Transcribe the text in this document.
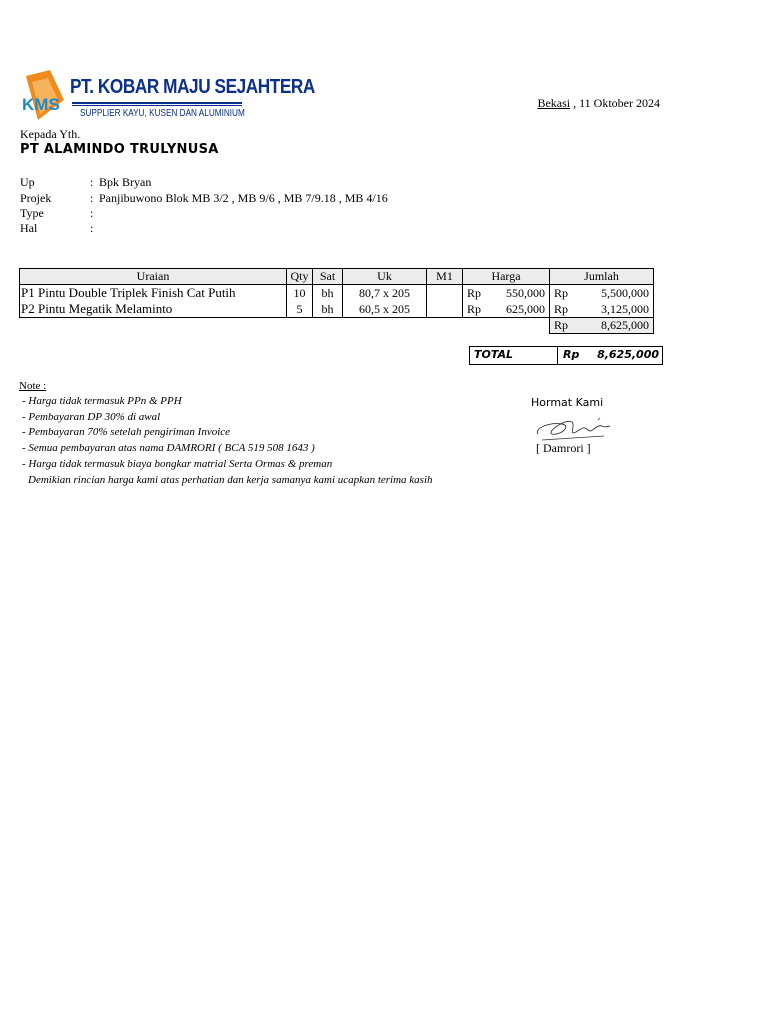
KMS
PT. KOBAR MAJU SEJAHTERA
SUPPLIER KAYU, KUSEN DAN ALUMINIUM
Bekasi , 11 Oktober 2024
Kepada Yth.
PT ALAMINDO TRULYNUSA
Up	: Bpk Bryan
Projek	: Panjibuwono Blok MB 3/2 , MB 9/6 , MB 7/9.18 , MB 4/16
Type	:
Hal	:
Uraian	Qty	Sat	Uk	M1	Harga	Jumlah
P1 Pintu Double Triplek Finish Cat Putih	10	bh	80,7 x 205		Rp 550,000	Rp 5,500,000

P2 Pintu Megatik Melaminto	5	bh	60,5 x 205		Rp 625,000	Rp 3,125,000

						Rp 8,625,000
TOTAL	Rp 8,625,000
Note :
- Harga tidak termasuk PPn & PPH
- Pembayaran DP 30% di awal
- Pembayaran 70% setelah pengiriman Invoice
- Semua pembayaran atas nama DAMRORI ( BCA 519 508 1643 )
- Harga tidak termasuk biaya bongkar matrial Serta Ormas & preman
Demikian rincian harga kami atas perhatian dan kerja samanya kami ucapkan terima kasih
Hormat Kami
[ Damrori ]
